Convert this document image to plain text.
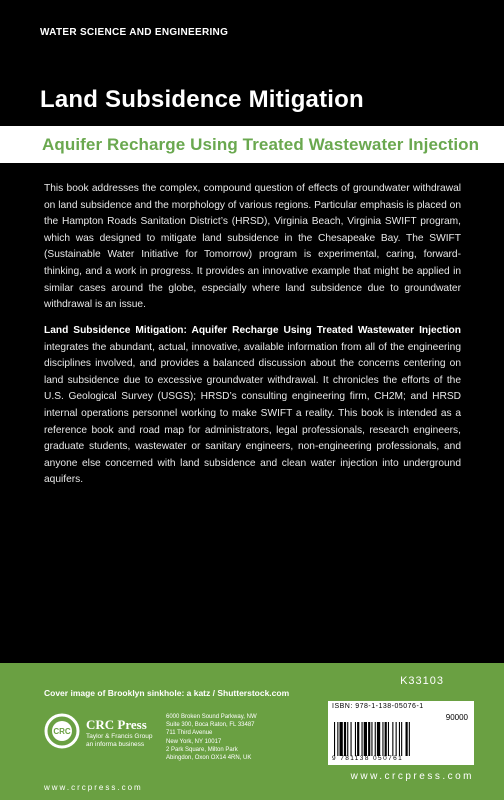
WATER SCIENCE AND ENGINEERING
Land Subsidence Mitigation
Aquifer Recharge Using Treated Wastewater Injection
This book addresses the complex, compound question of effects of groundwater withdrawal on land subsidence and the morphology of various regions. Particular emphasis is placed on the Hampton Roads Sanitation District’s (HRSD), Virginia Beach, Virginia SWIFT program, which was designed to mitigate land subsidence in the Chesapeake Bay. The SWIFT (Sustainable Water Initiative for Tomorrow) program is experimental, caring, forward-thinking, and a work in progress. It provides an innovative example that might be applied in similar cases around the globe, especially where land subsidence due to groundwater withdrawal is an issue.
Land Subsidence Mitigation: Aquifer Recharge Using Treated Wastewater Injection integrates the abundant, actual, innovative, available information from all of the engineering disciplines involved, and provides a balanced discussion about the concerns centering on land subsidence due to excessive groundwater withdrawal. It chronicles the efforts of the U.S. Geological Survey (USGS); HRSD’s consulting engineering firm, CH2M; and HRSD internal operations personnel working to make SWIFT a reality. This book is intended as a reference book and road map for administrators, legal professionals, research engineers, graduate students, wastewater or sanitary engineers, non-engineering professionals, and anyone else concerned with land subsidence and clean water injection into underground aquifers.
Cover image of Brooklyn sinkhole: a katz / Shutterstock.com
K33103
CRC CRC Press
Taylor & Francis Group
an informa business
6000 Broken Sound Parkway, NW
Suite 300, Boca Raton, FL 33487
711 Third Avenue
New York, NY 10017
2 Park Square, Milton Park
Abingdon, Oxon OX14 4RN, UK
ISBN: 978-1-138-05076-1
90000
9 781138 050761
www.crcpress.com
www.crcpress.com
